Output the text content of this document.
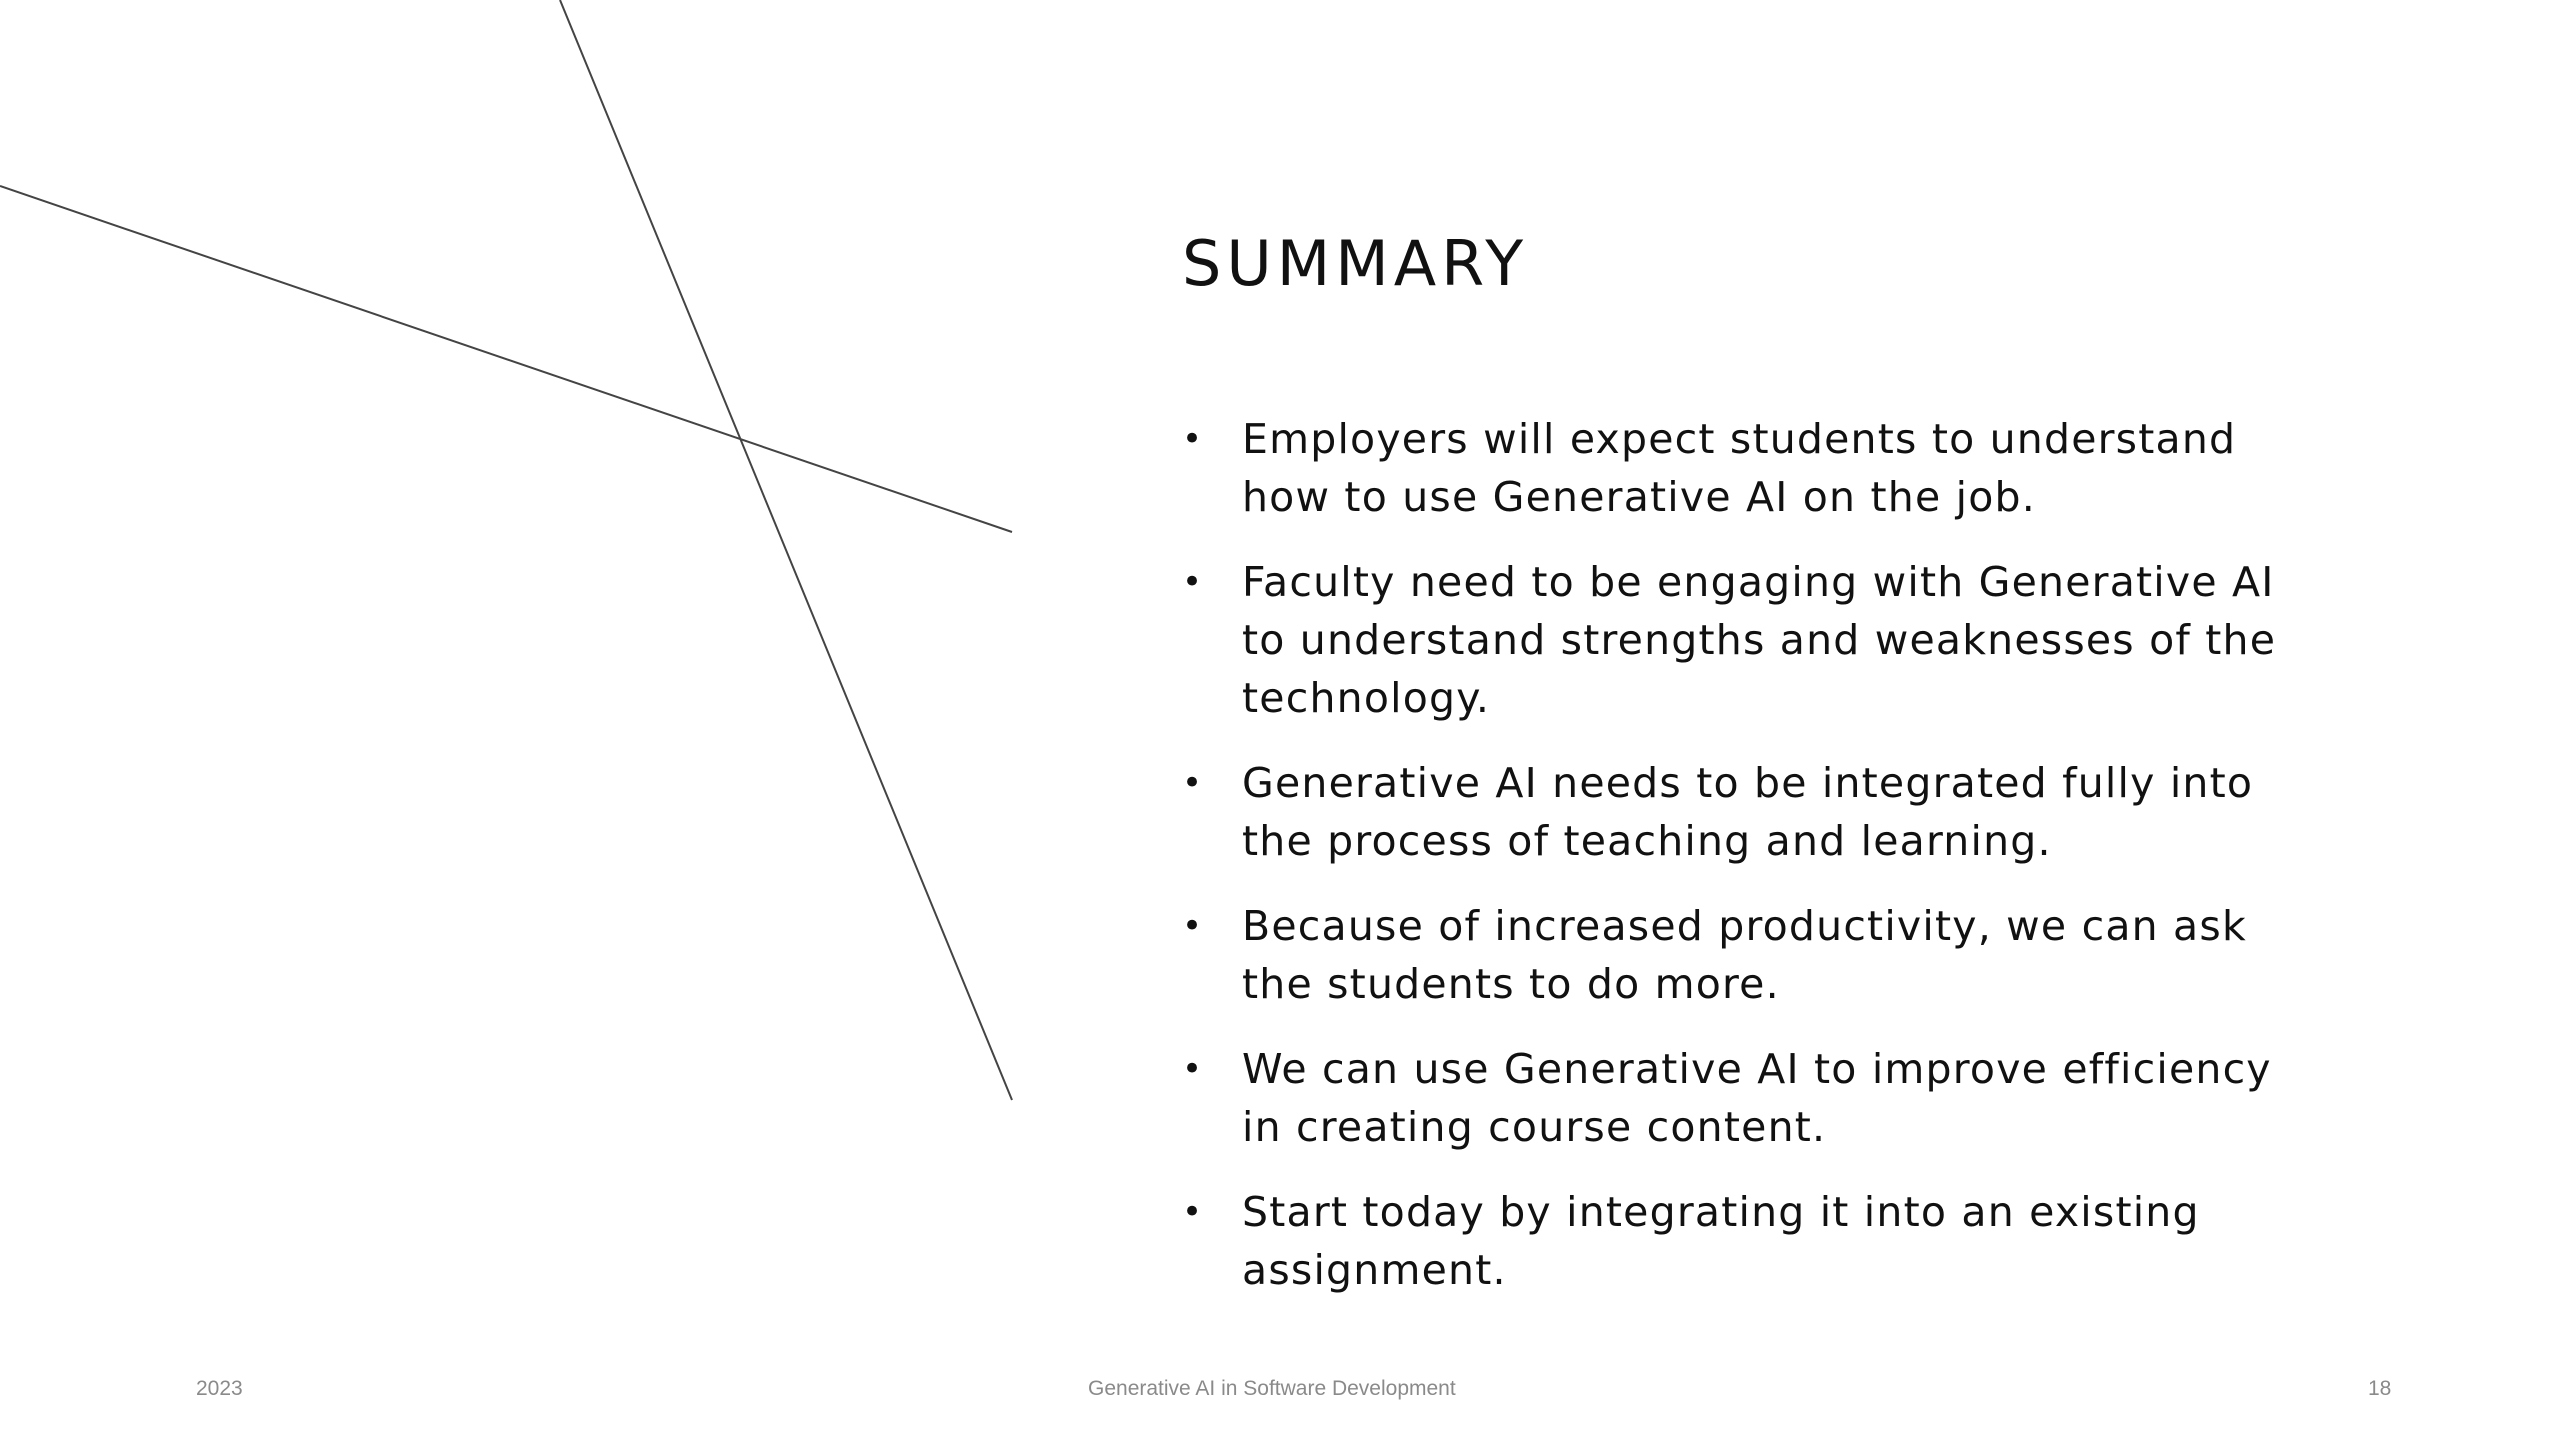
SUMMARY
• Employers will expect students to understand how to use Generative AI on the job.
• Faculty need to be engaging with Generative AI to understand strengths and weaknesses of the technology.
• Generative AI needs to be integrated fully into the process of teaching and learning.
• Because of increased productivity, we can ask the students to do more.
• We can use Generative AI to improve efficiency in creating course content.
• Start today by integrating it into an existing assignment.
2023	Generative AI in Software Development	18
